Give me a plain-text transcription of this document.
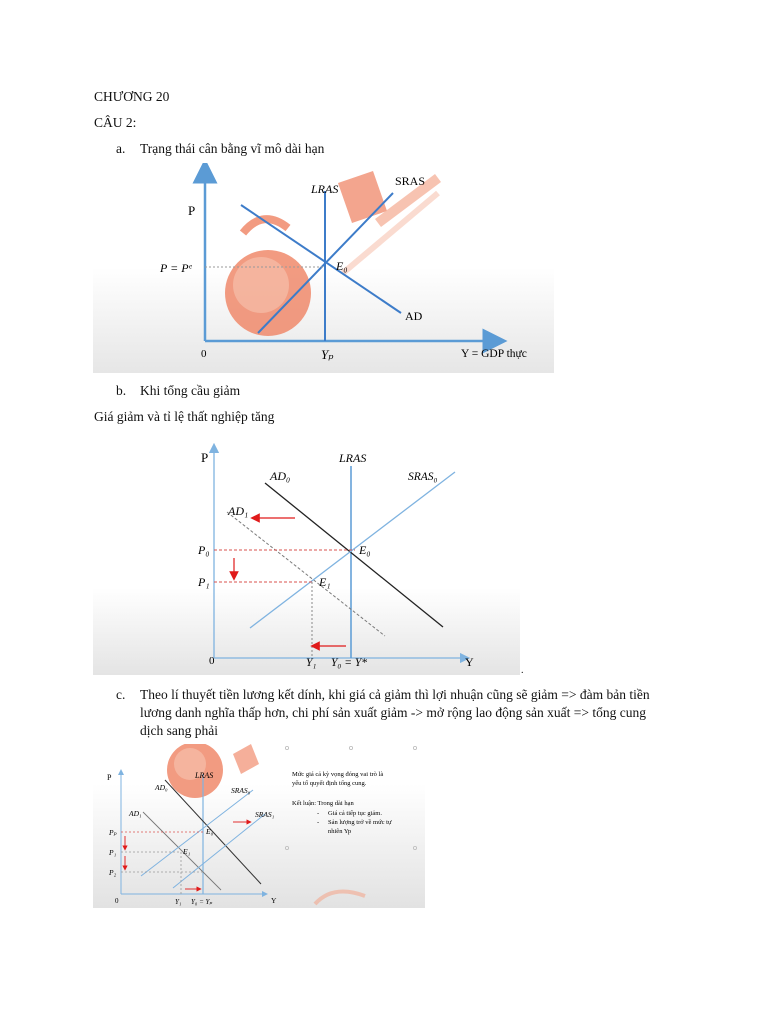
CHƯƠNG 20
CÂU 2:
a. Trạng thái cân bằng vĩ mô dài hạn
P
P = Pᵉ
LRAS
SRAS
E₀
AD
0	Yₚ	Y = GDP thực
b. Khi tổng cầu giảm
Giá giảm và tỉ lệ thất nghiệp tăng
P	LRAS
AD₀	SRAS₀
AD₁
P₀	E₀
P₁	E₁
0	Y₁ Y₀ = Y*	Y
.
c. Theo lí thuyết tiền lương kết dính, khi giá cả giảm thì lợi nhuận cũng sẽ giảm => đàm bản tiền
lương danh nghĩa thấp hơn, chi phí sản xuất giảm -> mở rộng lao động sản xuất => tổng cung
dịch sang phải
P	LRAS
AD₀	SRAS₀
AD₁	SRAS₁
Pₚ	E₀
P₁	E₁
P₂
0	Y₁ Y₀ = Yₚ	Y
Mức giá cả kỳ vọng đóng vai trò là
yếu tố quyết định tổng cung.
Kết luận: Trong dài hạn
- Giá cả tiếp tục giảm.
- Sản lượng trở về mức tự
nhiên Yp
